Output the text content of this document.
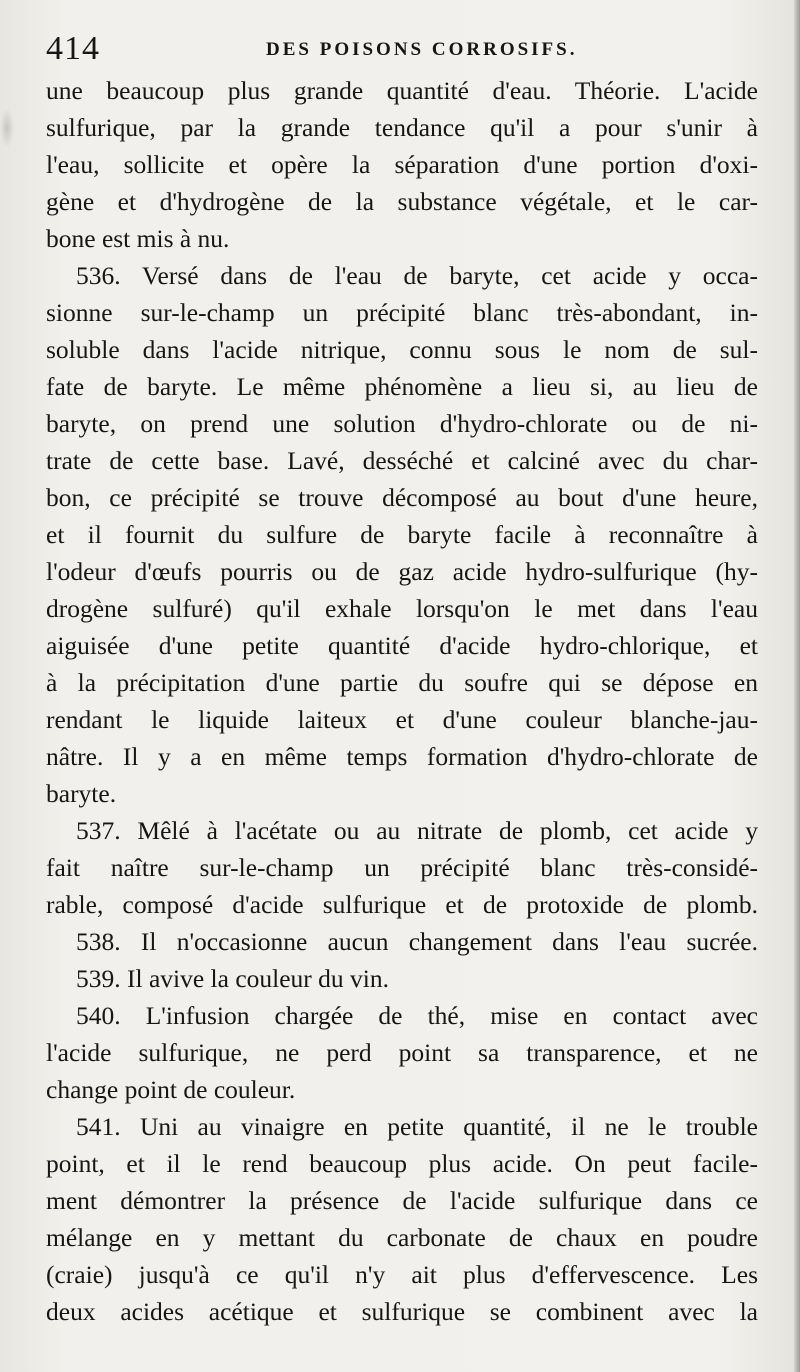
414	DES POISONS CORROSIFS.
une beaucoup plus grande quantité d'eau. Théorie. L'acide
sulfurique, par la grande tendance qu'il a pour s'unir à
l'eau, sollicite et opère la séparation d'une portion d'oxi-
gène et d'hydrogène de la substance végétale, et le car-
bone est mis à nu.
536. Versé dans de l'eau de baryte, cet acide y occa-
sionne sur-le-champ un précipité blanc très-abondant, in-
soluble dans l'acide nitrique, connu sous le nom de sul-
fate de baryte. Le même phénomène a lieu si, au lieu de
baryte, on prend une solution d'hydro-chlorate ou de ni-
trate de cette base. Lavé, desséché et calciné avec du char-
bon, ce précipité se trouve décomposé au bout d'une heure,
et il fournit du sulfure de baryte facile à reconnaître à
l'odeur d'œufs pourris ou de gaz acide hydro-sulfurique (hy-
drogène sulfuré) qu'il exhale lorsqu'on le met dans l'eau
aiguisée d'une petite quantité d'acide hydro-chlorique, et
à la précipitation d'une partie du soufre qui se dépose en
rendant le liquide laiteux et d'une couleur blanche-jau-
nâtre. Il y a en même temps formation d'hydro-chlorate de
baryte.
537. Mêlé à l'acétate ou au nitrate de plomb, cet acide y
fait naître sur-le-champ un précipité blanc très-considé-
rable, composé d'acide sulfurique et de protoxide de plomb.
538. Il n'occasionne aucun changement dans l'eau sucrée.
539. Il avive la couleur du vin.
540. L'infusion chargée de thé, mise en contact avec
l'acide sulfurique, ne perd point sa transparence, et ne
change point de couleur.
541. Uni au vinaigre en petite quantité, il ne le trouble
point, et il le rend beaucoup plus acide. On peut facile-
ment démontrer la présence de l'acide sulfurique dans ce
mélange en y mettant du carbonate de chaux en poudre
(craie) jusqu'à ce qu'il n'y ait plus d'effervescence. Les
deux acides acétique et sulfurique se combinent avec la
